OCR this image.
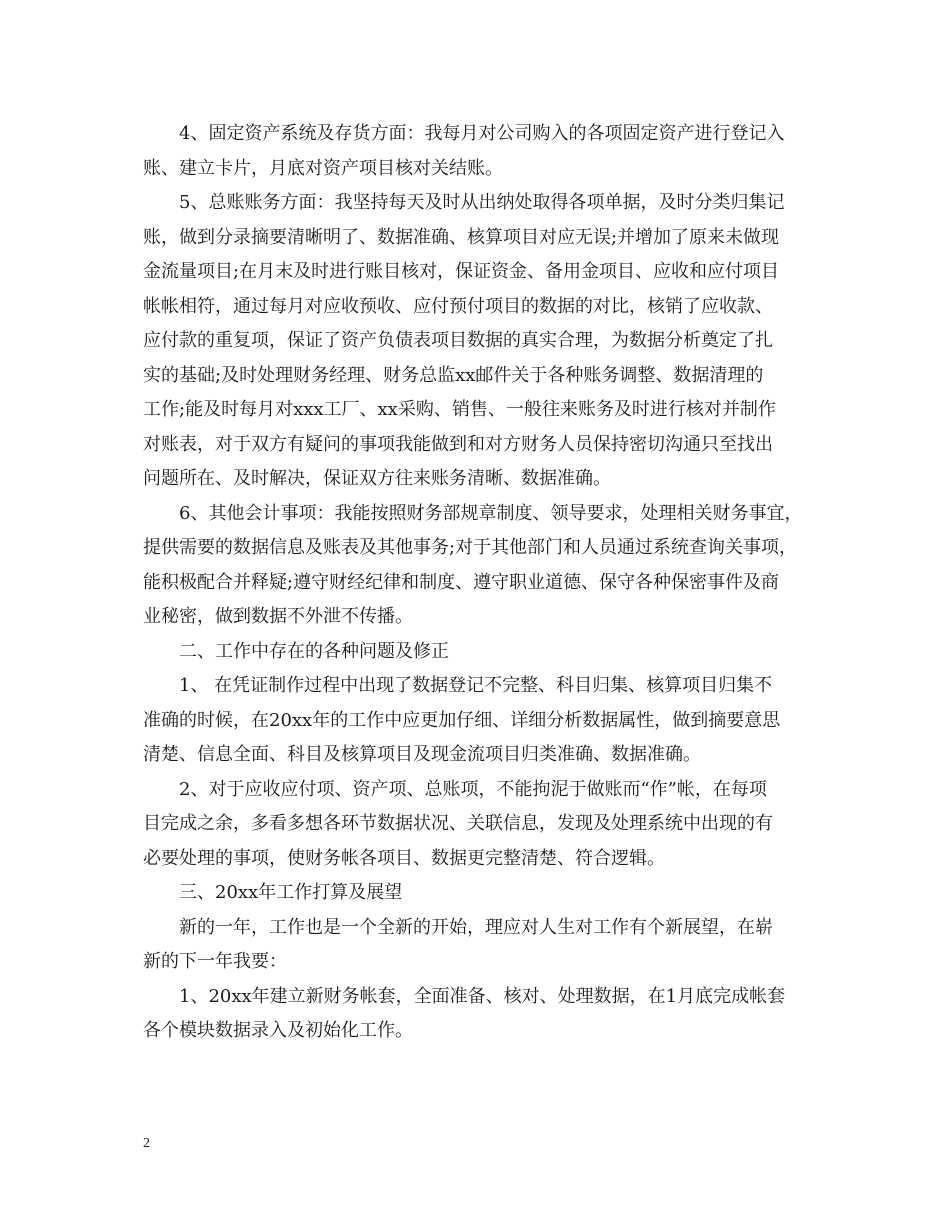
4、固定资产系统及存货方面：我每月对公司购入的各项固定资产进行登记入
账、建立卡片，月底对资产项目核对关结账。
5、总账账务方面：我坚持每天及时从出纳处取得各项单据，及时分类归集记
账，做到分录摘要清晰明了、数据准确、核算项目对应无误;并增加了原来未做现
金流量项目;在月末及时进行账目核对，保证资金、备用金项目、应收和应付项目
帐帐相符，通过每月对应收预收、应付预付项目的数据的对比，核销了应收款、
应付款的重复项，保证了资产负债表项目数据的真实合理，为数据分析奠定了扎
实的基础;及时处理财务经理、财务总监xx邮件关于各种账务调整、数据清理的
工作;能及时每月对xxx工厂、xx采购、销售、一般往来账务及时进行核对并制作
对账表，对于双方有疑问的事项我能做到和对方财务人员保持密切沟通只至找出
问题所在、及时解决，保证双方往来账务清晰、数据准确。
6、其他会计事项：我能按照财务部规章制度、领导要求，处理相关财务事宜，
提供需要的数据信息及账表及其他事务;对于其他部门和人员通过系统查询关事项，
能积极配合并释疑;遵守财经纪律和制度、遵守职业道德、保守各种保密事件及商
业秘密，做到数据不外泄不传播。
二、工作中存在的各种问题及修正
1、 在凭证制作过程中出现了数据登记不完整、科目归集、核算项目归集不
准确的时候，在20xx年的工作中应更加仔细、详细分析数据属性，做到摘要意思
清楚、信息全面、科目及核算项目及现金流项目归类准确、数据准确。
2、对于应收应付项、资产项、总账项，不能拘泥于做账而“作”帐，在每项
目完成之余，多看多想各环节数据状况、关联信息，发现及处理系统中出现的有
必要处理的事项，使财务帐各项目、数据更完整清楚、符合逻辑。
三、20xx年工作打算及展望
新的一年，工作也是一个全新的开始，理应对人生对工作有个新展望，在崭
新的下一年我要：
1、20xx年建立新财务帐套，全面准备、核对、处理数据，在1月底完成帐套
各个模块数据录入及初始化工作。
2
